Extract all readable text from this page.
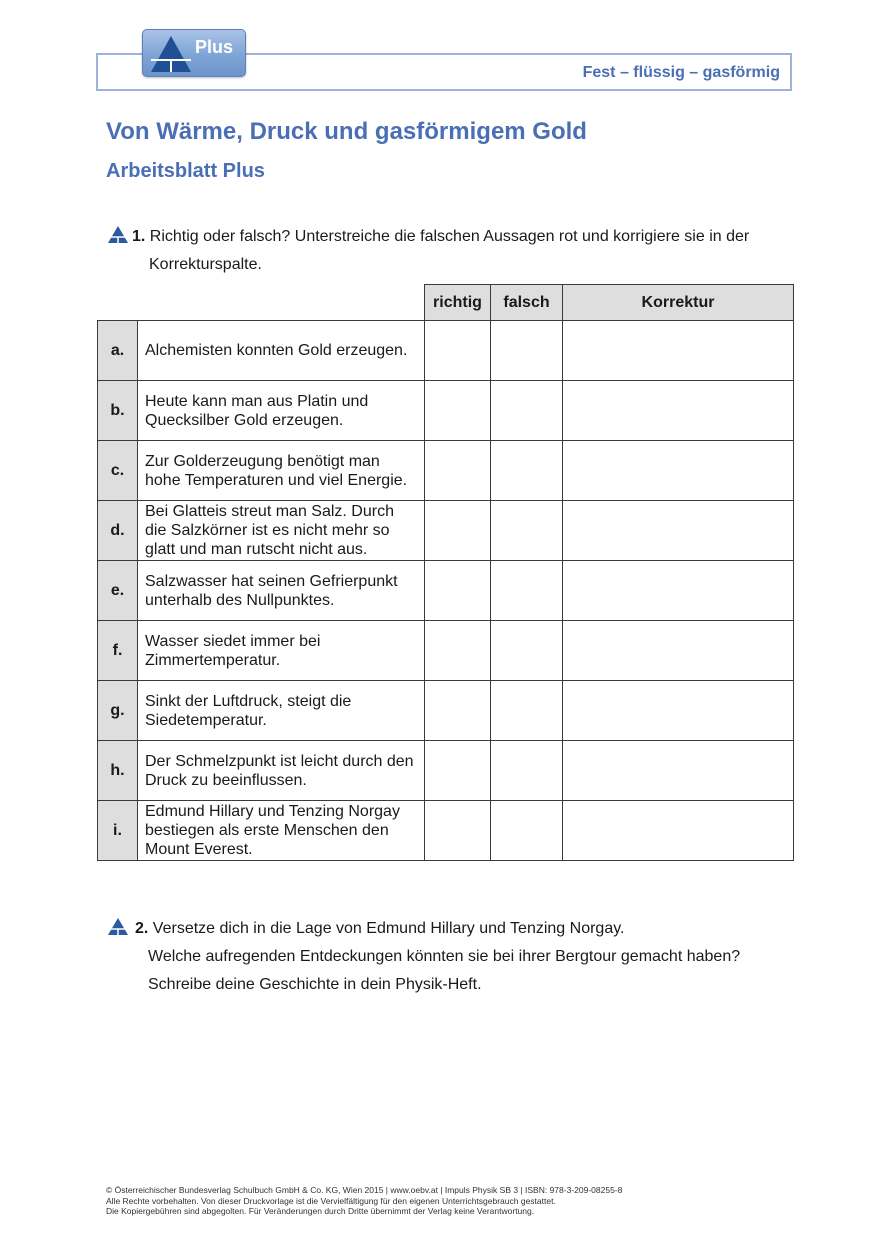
Fest – flüssig – gasförmig
Plus
Von Wärme, Druck und gasförmigem Gold
Arbeitsblatt Plus
1. Richtig oder falsch? Unterstreiche die falschen Aussagen rot und korrigiere sie in der
Korrekturspalte.
		richtig	falsch	Korrektur
a.	Alchemisten konnten Gold erzeugen.			
b.	Heute kann man aus Platin und Quecksilber Gold erzeugen.			
c.	Zur Golderzeugung benötigt man hohe Temperaturen und viel Energie.			
d.	Bei Glatteis streut man Salz. Durch die Salzkörner ist es nicht mehr so glatt und man rutscht nicht aus.			
e.	Salzwasser hat seinen Gefrierpunkt unterhalb des Nullpunktes.			
f.	Wasser siedet immer bei Zimmertemperatur.			
g.	Sinkt der Luftdruck, steigt die Siedetemperatur.			
h.	Der Schmelzpunkt ist leicht durch den Druck zu beeinflussen.			
i.	Edmund Hillary und Tenzing Norgay bestiegen als erste Menschen den Mount Everest.			
2. Versetze dich in die Lage von Edmund Hillary und Tenzing Norgay.
Welche aufregenden Entdeckungen könnten sie bei ihrer Bergtour gemacht haben?
Schreibe deine Geschichte in dein Physik-Heft.
© Österreichischer Bundesverlag Schulbuch GmbH & Co. KG, Wien 2015 | www.oebv.at | Impuls Physik SB 3 | ISBN: 978-3-209-08255-8
Alle Rechte vorbehalten. Von dieser Druckvorlage ist die Vervielfältigung für den eigenen Unterrichtsgebrauch gestattet.
Die Kopiergebühren sind abgegolten. Für Veränderungen durch Dritte übernimmt der Verlag keine Verantwortung.
